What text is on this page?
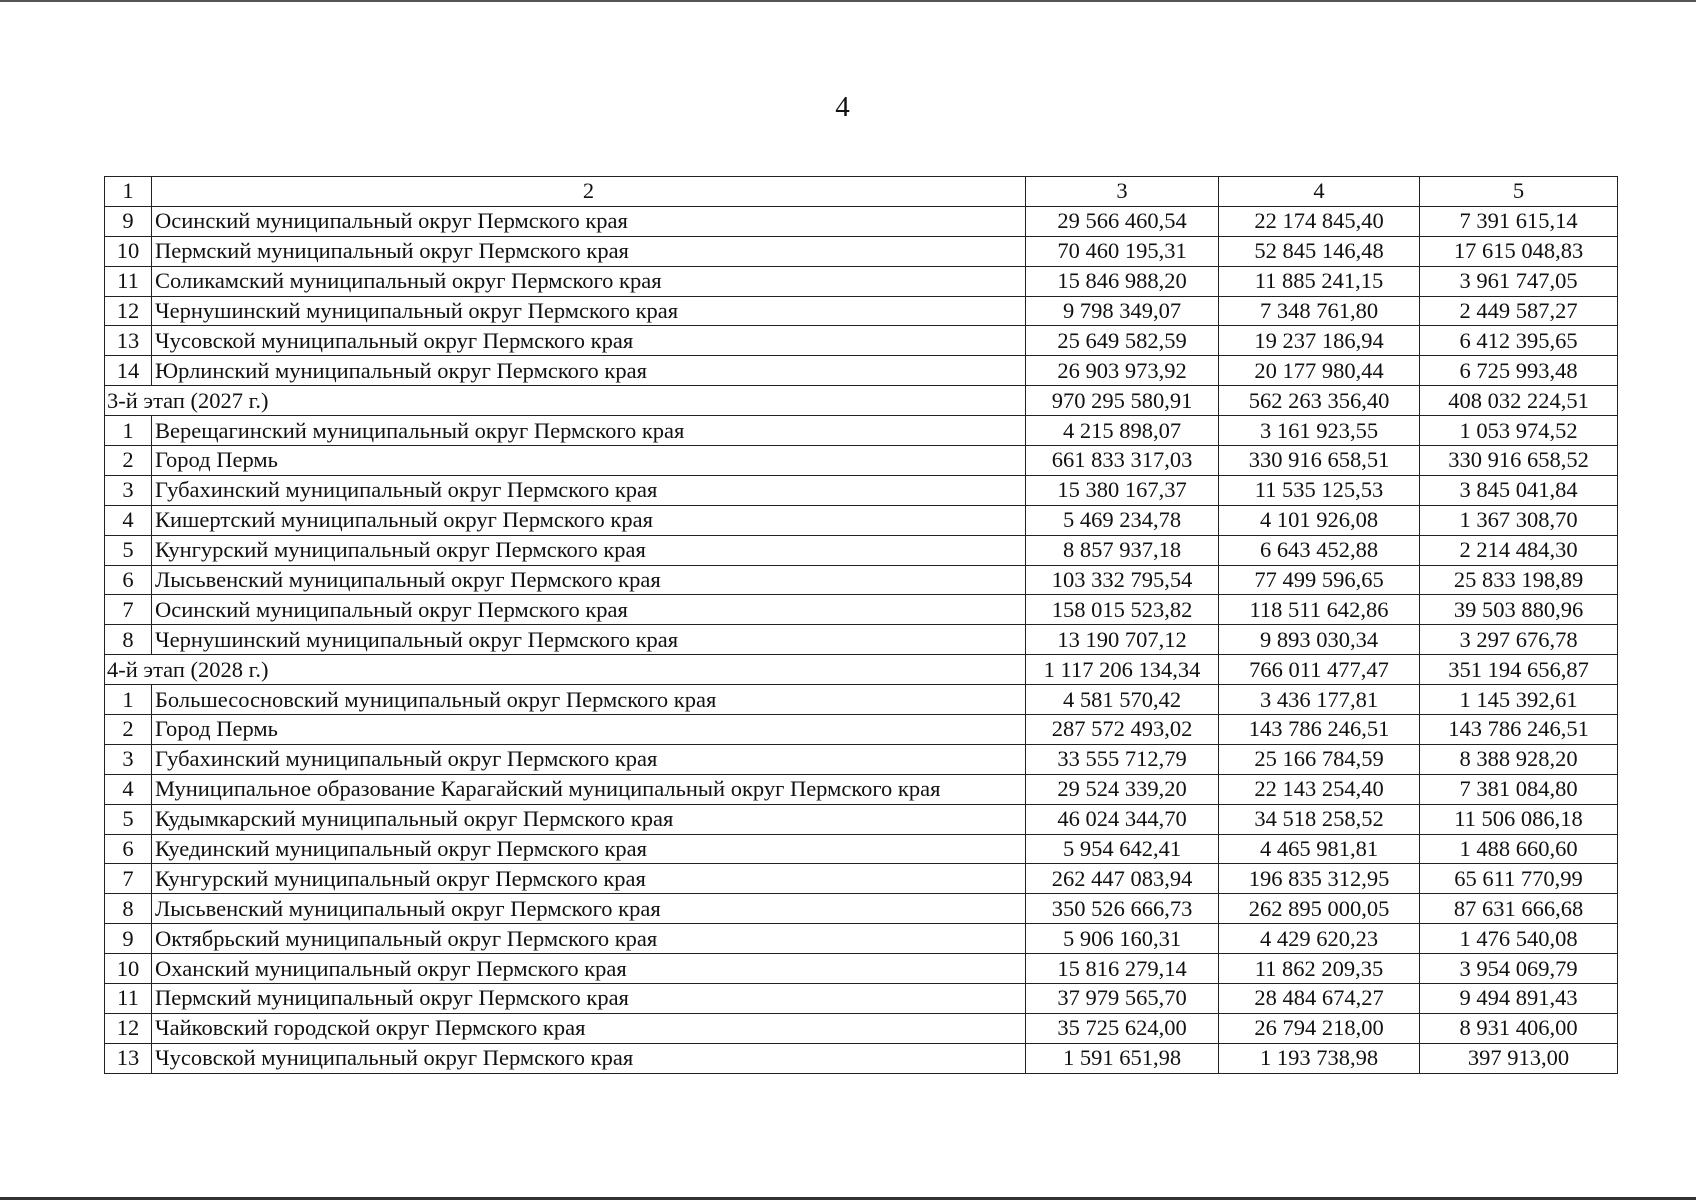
4
1	2	3	4	5
9	Осинский муниципальный округ Пермского края	29 566 460,54	22 174 845,40	7 391 615,14
10	Пермский муниципальный округ Пермского края	70 460 195,31	52 845 146,48	17 615 048,83
11	Соликамский муниципальный округ Пермского края	15 846 988,20	11 885 241,15	3 961 747,05
12	Чернушинский муниципальный округ Пермского края	9 798 349,07	7 348 761,80	2 449 587,27
13	Чусовской муниципальный округ Пермского края	25 649 582,59	19 237 186,94	6 412 395,65
14	Юрлинский муниципальный округ Пермского края	26 903 973,92	20 177 980,44	6 725 993,48
3-й этап (2027 г.)		970 295 580,91	562 263 356,40	408 032 224,51
1	Верещагинский муниципальный округ Пермского края	4 215 898,07	3 161 923,55	1 053 974,52
2	Город Пермь	661 833 317,03	330 916 658,51	330 916 658,52
3	Губахинский муниципальный округ Пермского края	15 380 167,37	11 535 125,53	3 845 041,84
4	Кишертский муниципальный округ Пермского края	5 469 234,78	4 101 926,08	1 367 308,70
5	Кунгурский муниципальный округ Пермского края	8 857 937,18	6 643 452,88	2 214 484,30
6	Лысьвенский муниципальный округ Пермского края	103 332 795,54	77 499 596,65	25 833 198,89
7	Осинский муниципальный округ Пермского края	158 015 523,82	118 511 642,86	39 503 880,96
8	Чернушинский муниципальный округ Пермского края	13 190 707,12	9 893 030,34	3 297 676,78
4-й этап (2028 г.)		1 117 206 134,34	766 011 477,47	351 194 656,87
1	Большесосновский муниципальный округ Пермского края	4 581 570,42	3 436 177,81	1 145 392,61
2	Город Пермь	287 572 493,02	143 786 246,51	143 786 246,51
3	Губахинский муниципальный округ Пермского края	33 555 712,79	25 166 784,59	8 388 928,20
4	Муниципальное образование Карагайский муниципальный округ Пермского края	29 524 339,20	22 143 254,40	7 381 084,80
5	Кудымкарский муниципальный округ Пермского края	46 024 344,70	34 518 258,52	11 506 086,18
6	Куединский муниципальный округ Пермского края	5 954 642,41	4 465 981,81	1 488 660,60
7	Кунгурский муниципальный округ Пермского края	262 447 083,94	196 835 312,95	65 611 770,99
8	Лысьвенский муниципальный округ Пермского края	350 526 666,73	262 895 000,05	87 631 666,68
9	Октябрьский муниципальный округ Пермского края	5 906 160,31	4 429 620,23	1 476 540,08
10	Оханский муниципальный округ Пермского края	15 816 279,14	11 862 209,35	3 954 069,79
11	Пермский муниципальный округ Пермского края	37 979 565,70	28 484 674,27	9 494 891,43
12	Чайковский городской округ Пермского края	35 725 624,00	26 794 218,00	8 931 406,00
13	Чусовской муниципальный округ Пермского края	1 591 651,98	1 193 738,98	397 913,00
